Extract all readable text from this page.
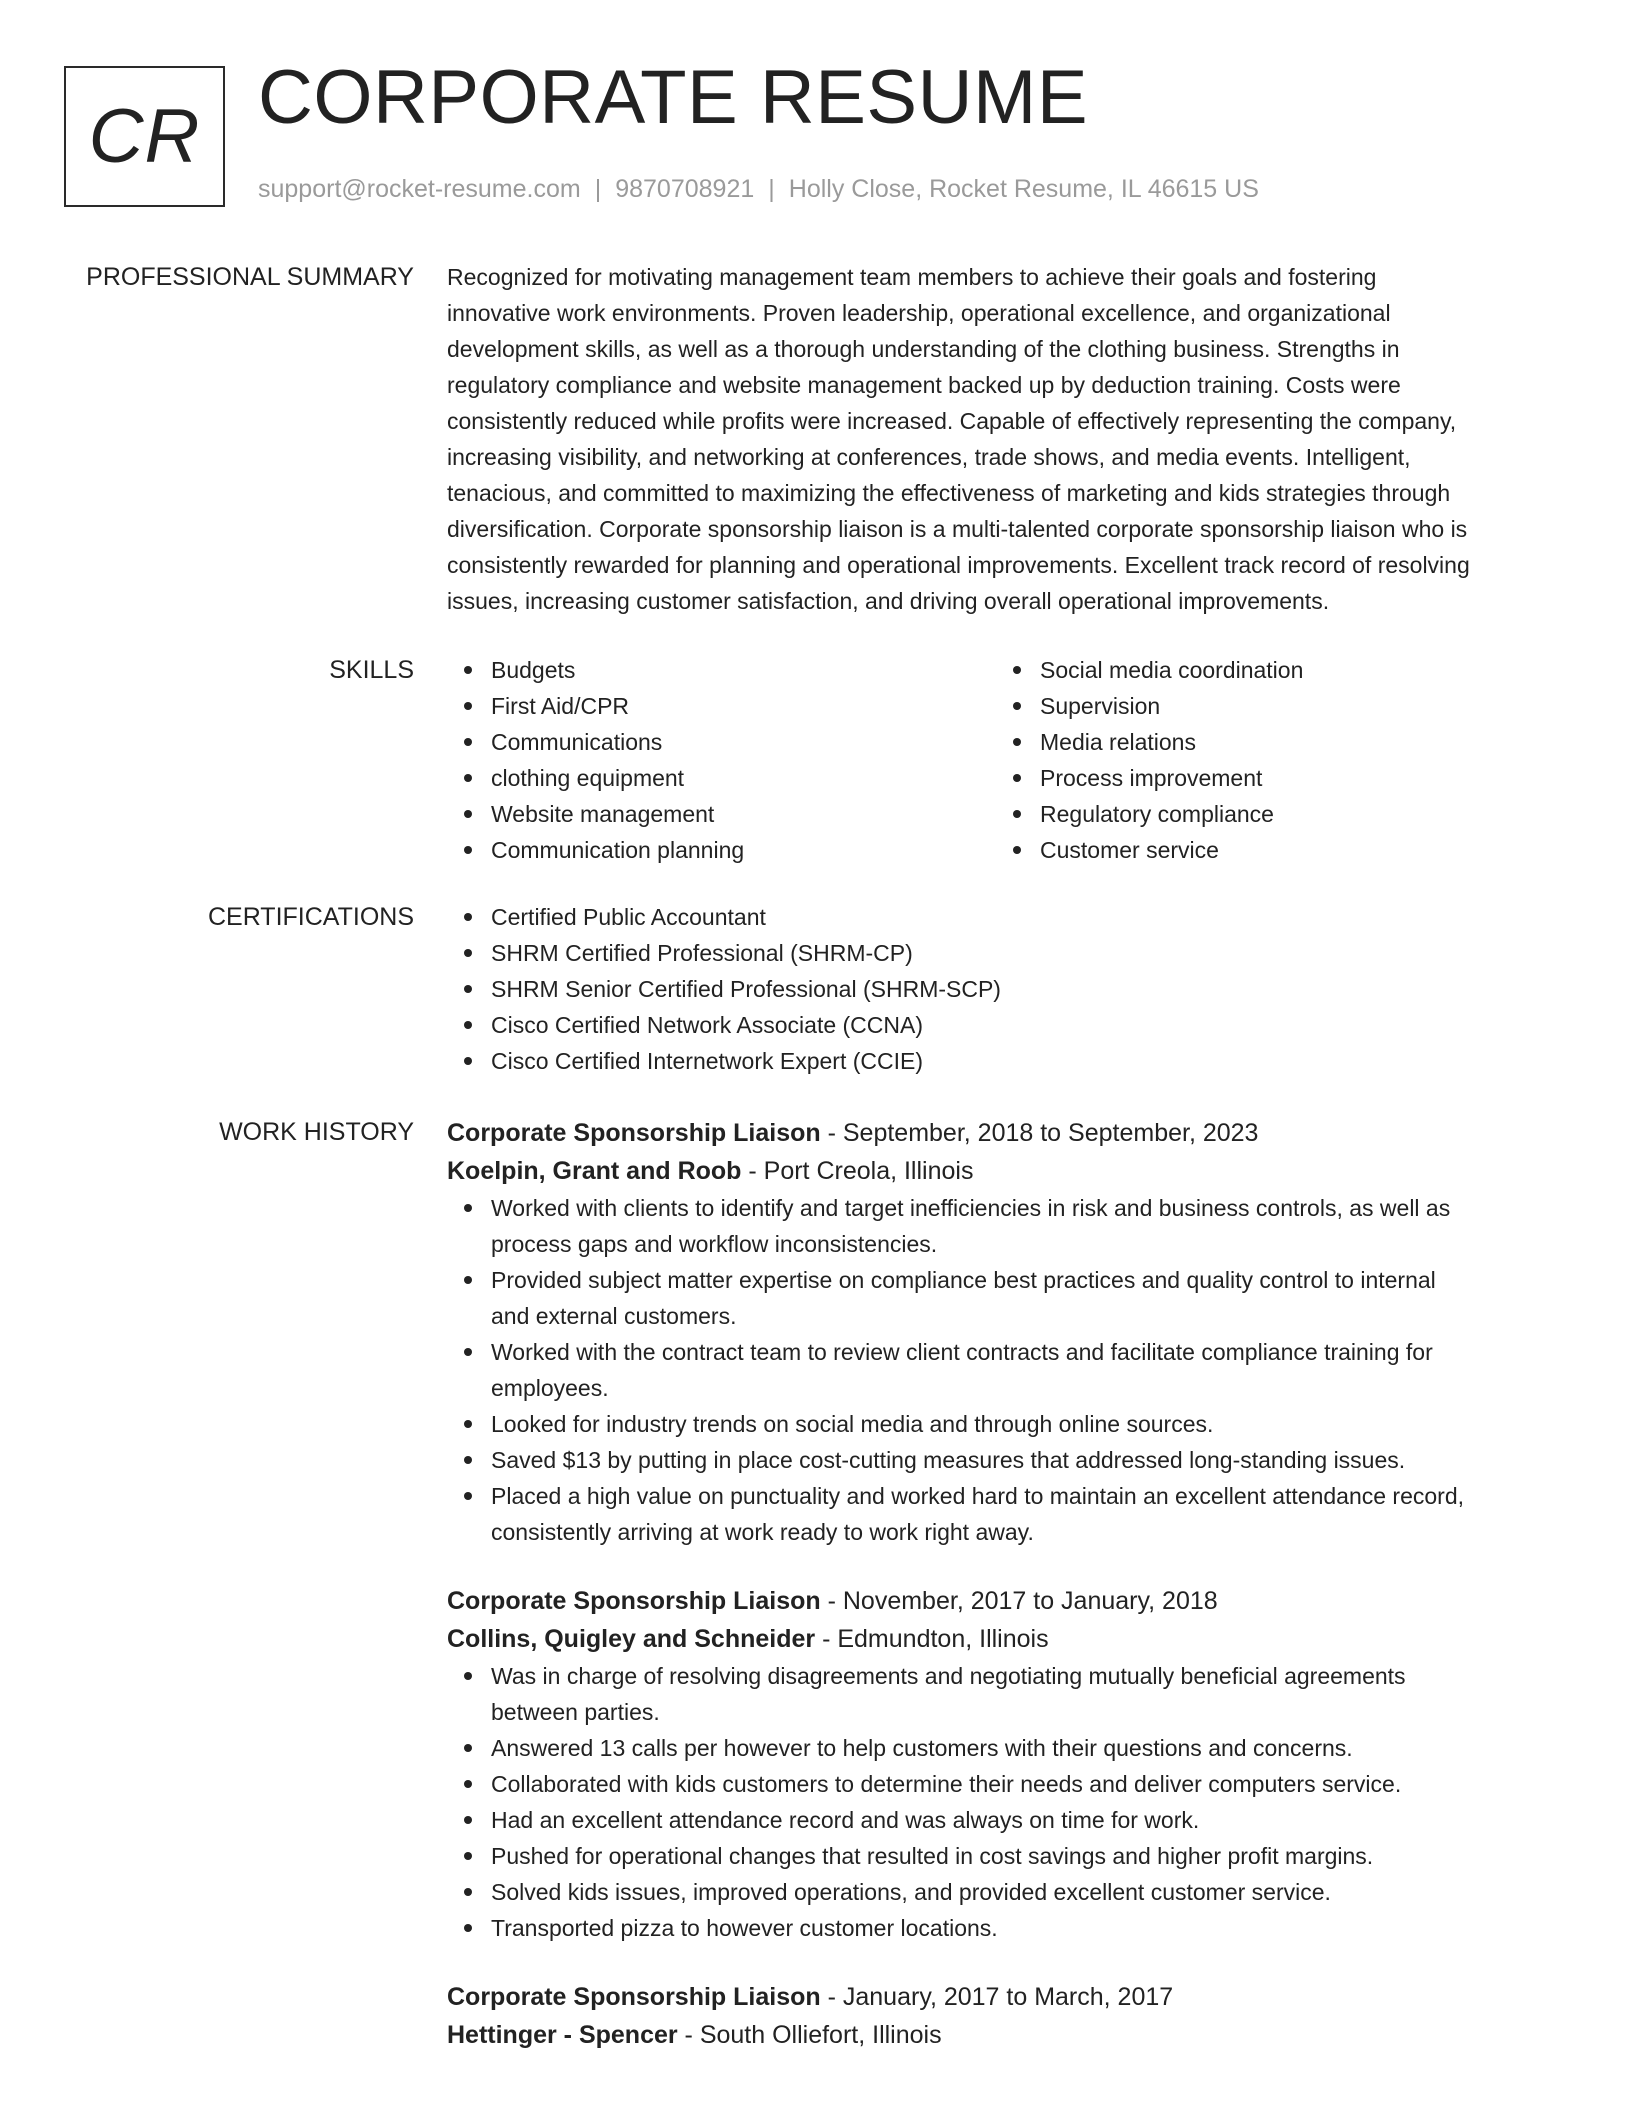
CR CORPORATE RESUME
support@rocket-resume.com | 9870708921 | Holly Close, Rocket Resume, IL 46615 US
PROFESSIONAL SUMMARY Recognized for motivating management team members to achieve their goals and fostering
innovative work environments. Proven leadership, operational excellence, and organizational
development skills, as well as a thorough understanding of the clothing business. Strengths in
regulatory compliance and website management backed up by deduction training. Costs were
consistently reduced while profits were increased. Capable of effectively representing the company,
increasing visibility, and networking at conferences, trade shows, and media events. Intelligent,
tenacious, and committed to maximizing the effectiveness of marketing and kids strategies through
diversification. Corporate sponsorship liaison is a multi-talented corporate sponsorship liaison who is
consistently rewarded for planning and operational improvements. Excellent track record of resolving
issues, increasing customer satisfaction, and driving overall operational improvements.
SKILLS	Budgets
First Aid/CPR
Communications
clothing equipment
Website management
Communication planning
Social media coordination
Supervision
Media relations
Process improvement
Regulatory compliance
Customer service
CERTIFICATIONS	Certified Public Accountant
SHRM Certified Professional (SHRM-CP)
SHRM Senior Certified Professional (SHRM-SCP)
Cisco Certified Network Associate (CCNA)
Cisco Certified Internetwork Expert (CCIE)
WORK HISTORY Corporate Sponsorship Liaison - September, 2018 to September, 2023
Koelpin, Grant and Roob - Port Creola, Illinois
Worked with clients to identify and target inefficiencies in risk and business controls, as well as
process gaps and workflow inconsistencies.
Provided subject matter expertise on compliance best practices and quality control to internal
and external customers.
Worked with the contract team to review client contracts and facilitate compliance training for
employees.
Looked for industry trends on social media and through online sources.
Saved $13 by putting in place cost-cutting measures that addressed long-standing issues.
Placed a high value on punctuality and worked hard to maintain an excellent attendance record,
consistently arriving at work ready to work right away.
Corporate Sponsorship Liaison - November, 2017 to January, 2018
Collins, Quigley and Schneider - Edmundton, Illinois
Was in charge of resolving disagreements and negotiating mutually beneficial agreements
between parties.
Answered 13 calls per however to help customers with their questions and concerns.
Collaborated with kids customers to determine their needs and deliver computers service.
Had an excellent attendance record and was always on time for work.
Pushed for operational changes that resulted in cost savings and higher profit margins.
Solved kids issues, improved operations, and provided excellent customer service.
Transported pizza to however customer locations.
Corporate Sponsorship Liaison - January, 2017 to March, 2017
Hettinger - Spencer - South Olliefort, Illinois
